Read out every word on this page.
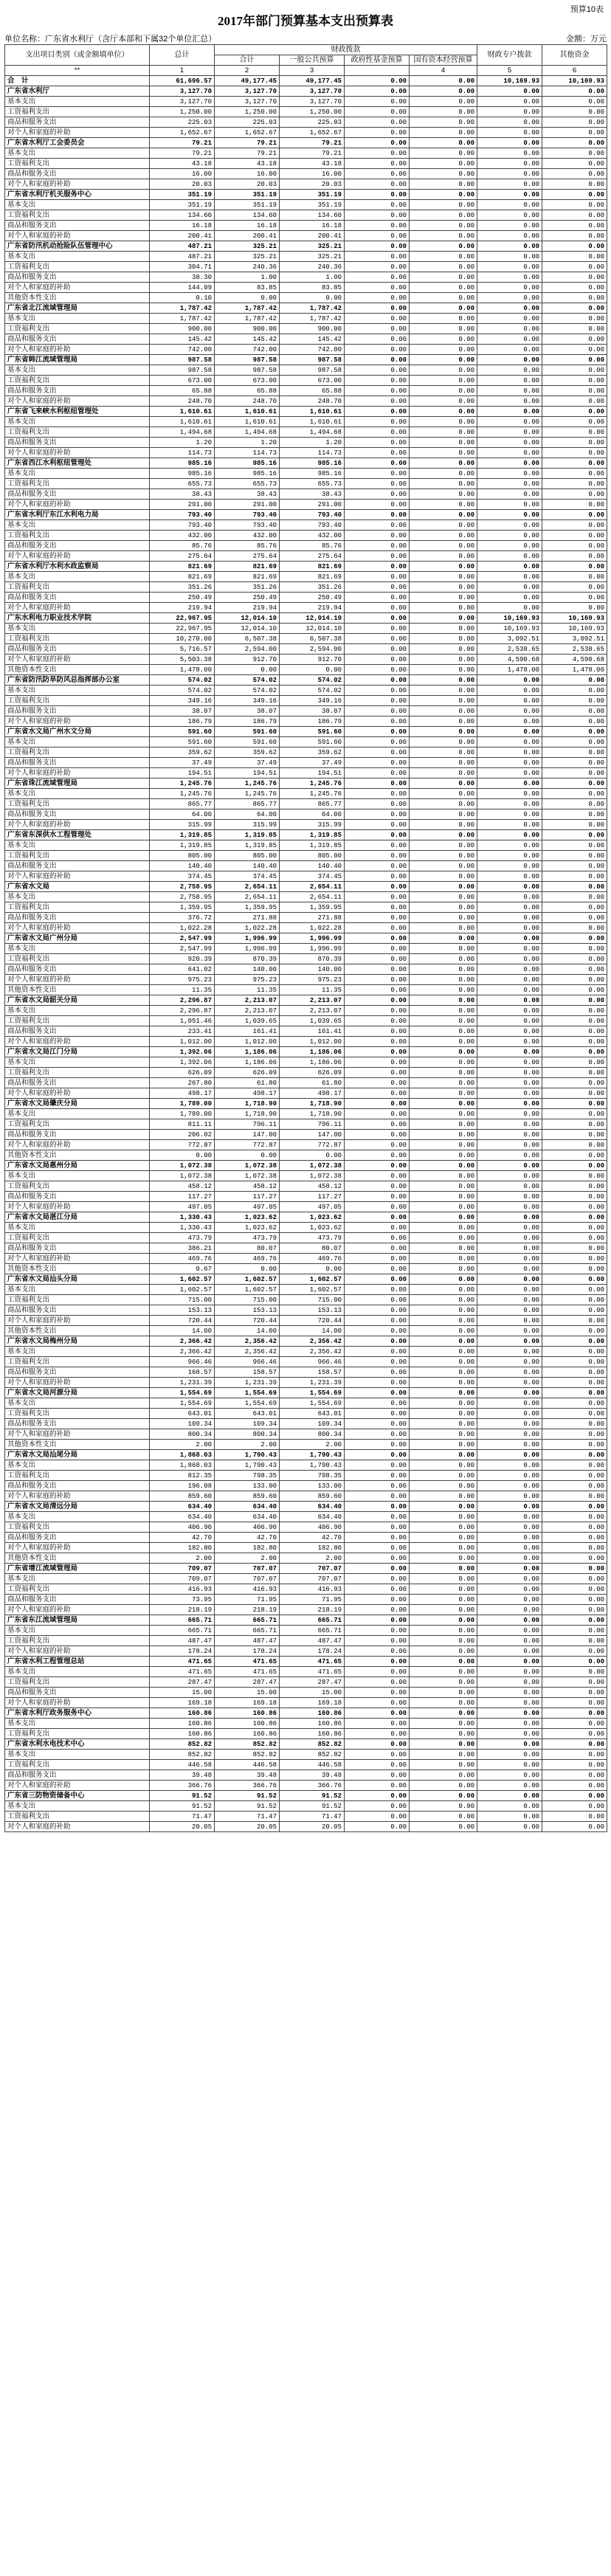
预算10表
2017年部门预算基本支出预算表
单位名称：广东省水利厅（含厅本部和下属32个单位汇总）	金额：万元
支出项目类别（或金额填单位）	总计	财政拨款				财政专户拨款	其他资金
		合计	一般公共预算	政府性基金预算	国有资本经营预算		
**	1	2	3		4	5	6
合　计	61,696.57	49,177.45	49,177.45	0.00	0.00	10,169.93	10,169.93
广东省水利厅	3,127.70	3,127.70	3,127.70	0.00	0.00	0.00	0.00
基本支出	3,127.70	3,127.70	3,127.70	0.00	0.00	0.00	0.00
工资福利支出	1,250.00	1,250.00	1,250.00	0.00	0.00	0.00	0.00
商品和服务支出	225.03	225.03	225.03	0.00	0.00	0.00	0.00
对个人和家庭的补助	1,652.67	1,652.67	1,652.67	0.00	0.00	0.00	0.00
广东省水利厅工会委员会	79.21	79.21	79.21	0.00	0.00	0.00	0.00
基本支出	79.21	79.21	79.21	0.00	0.00	0.00	0.00
工资福利支出	43.18	43.18	43.18	0.00	0.00	0.00	0.00
商品和服务支出	16.00	16.00	16.00	0.00	0.00	0.00	0.00
对个人和家庭的补助	20.03	20.03	20.03	0.00	0.00	0.00	0.00
广东省水利厅机关服务中心	351.19	351.19	351.19	0.00	0.00	0.00	0.00
基本支出	351.19	351.19	351.19	0.00	0.00	0.00	0.00
工资福利支出	134.60	134.60	134.60	0.00	0.00	0.00	0.00
商品和服务支出	16.18	16.18	16.18	0.00	0.00	0.00	0.00
对个人和家庭的补助	200.41	200.41	200.41	0.00	0.00	0.00	0.00
广东省防汛机动抢险队伍管理中心	487.21	325.21	325.21	0.00	0.00	0.00	0.00
基本支出	487.21	325.21	325.21	0.00	0.00	0.00	0.00
工资福利支出	304.71	240.36	240.36	0.00	0.00	0.00	0.00
商品和服务支出	38.30	1.00	1.00	0.00	0.00	0.00	0.00
对个人和家庭的补助	144.09	83.85	83.85	0.00	0.00	0.00	0.00
其他资本性支出	0.10	0.00	0.00	0.00	0.00	0.00	0.00
广东省北江流域管理局	1,787.42	1,787.42	1,787.42	0.00	0.00	0.00	0.00
基本支出	1,787.42	1,787.42	1,787.42	0.00	0.00	0.00	0.00
工资福利支出	900.00	900.00	900.00	0.00	0.00	0.00	0.00
商品和服务支出	145.42	145.42	145.42	0.00	0.00	0.00	0.00
对个人和家庭的补助	742.00	742.00	742.00	0.00	0.00	0.00	0.00
广东省韩江流域管理局	987.58	987.58	987.58	0.00	0.00	0.00	0.00
基本支出	987.58	987.58	987.58	0.00	0.00	0.00	0.00
工资福利支出	673.00	673.00	673.00	0.00	0.00	0.00	0.00
商品和服务支出	65.88	65.88	65.88	0.00	0.00	0.00	0.00
对个人和家庭的补助	248.70	248.70	248.70	0.00	0.00	0.00	0.00
广东省飞来峡水利枢纽管理处	1,610.61	1,610.61	1,610.61	0.00	0.00	0.00	0.00
基本支出	1,610.61	1,610.61	1,610.61	0.00	0.00	0.00	0.00
工资福利支出	1,494.68	1,494.68	1,494.68	0.00	0.00	0.00	0.00
商品和服务支出	1.20	1.20	1.20	0.00	0.00	0.00	0.00
对个人和家庭的补助	114.73	114.73	114.73	0.00	0.00	0.00	0.00
广东省西江水利枢纽管理处	985.16	985.16	985.16	0.00	0.00	0.00	0.00
基本支出	985.16	985.16	985.16	0.00	0.00	0.00	0.00
工资福利支出	655.73	655.73	655.73	0.00	0.00	0.00	0.00
商品和服务支出	38.43	38.43	38.43	0.00	0.00	0.00	0.00
对个人和家庭的补助	291.00	291.00	291.00	0.00	0.00	0.00	0.00
广东省水利厅东江水利电力局	793.40	793.40	793.40	0.00	0.00	0.00	0.00
基本支出	793.40	793.40	793.40	0.00	0.00	0.00	0.00
工资福利支出	432.00	432.00	432.00	0.00	0.00	0.00	0.00
商品和服务支出	85.76	85.76	85.76	0.00	0.00	0.00	0.00
对个人和家庭的补助	275.64	275.64	275.64	0.00	0.00	0.00	0.00
广东省水利厅水利水政监察局	821.69	821.69	821.69	0.00	0.00	0.00	0.00
基本支出	821.69	821.69	821.69	0.00	0.00	0.00	0.00
工资福利支出	351.26	351.26	351.26	0.00	0.00	0.00	0.00
商品和服务支出	250.49	250.49	250.49	0.00	0.00	0.00	0.00
对个人和家庭的补助	219.94	219.94	219.94	0.00	0.00	0.00	0.00
广东水利电力职业技术学院	22,967.95	12,014.10	12,014.10	0.00	0.00	10,169.93	10,169.93
基本支出	22,967.95	12,014.10	12,014.10	0.00	0.00	10,169.93	10,169.93
工资福利支出	10,270.00	6,507.38	6,507.38	0.00	0.00	3,092.51	3,092.51
商品和服务支出	5,716.57	2,594.00	2,594.00	0.00	0.00	2,538.65	2,538.65
对个人和家庭的补助	5,503.38	912.70	912.70	0.00	0.00	4,590.68	4,590.68
其他资本性支出	1,478.00	0.00	0.00	0.00	0.00	1,478.00	1,478.00
广东省防汛防旱防风总指挥部办公室	574.02	574.02	574.02	0.00	0.00	0.00	0.00
基本支出	574.02	574.02	574.02	0.00	0.00	0.00	0.00
工资福利支出	349.16	349.16	349.16	0.00	0.00	0.00	0.00
商品和服务支出	38.07	38.07	38.07	0.00	0.00	0.00	0.00
对个人和家庭的补助	186.79	186.79	186.79	0.00	0.00	0.00	0.00
广东省水文局广州水文分局	591.60	591.60	591.60	0.00	0.00	0.00	0.00
基本支出	591.60	591.60	591.60	0.00	0.00	0.00	0.00
工资福利支出	359.62	359.62	359.62	0.00	0.00	0.00	0.00
商品和服务支出	37.49	37.49	37.49	0.00	0.00	0.00	0.00
对个人和家庭的补助	194.51	194.51	194.51	0.00	0.00	0.00	0.00
广东省珠江流域管理局	1,245.76	1,245.76	1,245.76	0.00	0.00	0.00	0.00
基本支出	1,245.76	1,245.76	1,245.76	0.00	0.00	0.00	0.00
工资福利支出	865.77	865.77	865.77	0.00	0.00	0.00	0.00
商品和服务支出	64.00	64.00	64.00	0.00	0.00	0.00	0.00
对个人和家庭的补助	315.99	315.99	315.99	0.00	0.00	0.00	0.00
广东省东深供水工程管理处	1,319.85	1,319.85	1,319.85	0.00	0.00	0.00	0.00
基本支出	1,319.85	1,319.85	1,319.85	0.00	0.00	0.00	0.00
工资福利支出	805.00	805.00	805.00	0.00	0.00	0.00	0.00
商品和服务支出	140.40	140.40	140.40	0.00	0.00	0.00	0.00
对个人和家庭的补助	374.45	374.45	374.45	0.00	0.00	0.00	0.00
广东省水文局	2,758.95	2,654.11	2,654.11	0.00	0.00	0.00	0.00
基本支出	2,758.95	2,654.11	2,654.11	0.00	0.00	0.00	0.00
工资福利支出	1,359.95	1,359.95	1,359.95	0.00	0.00	0.00	0.00
商品和服务支出	376.72	271.88	271.88	0.00	0.00	0.00	0.00
对个人和家庭的补助	1,022.28	1,022.28	1,022.28	0.00	0.00	0.00	0.00
广东省水文局广州分局	2,547.99	1,996.99	1,996.99	0.00	0.00	0.00	0.00
基本支出	2,547.99	1,996.99	1,996.99	0.00	0.00	0.00	0.00
工资福利支出	920.39	870.39	870.39	0.00	0.00	0.00	0.00
商品和服务支出	641.02	140.00	140.00	0.00	0.00	0.00	0.00
对个人和家庭的补助	975.23	975.23	975.23	0.00	0.00	0.00	0.00
其他资本性支出	11.35	11.35	11.35	0.00	0.00	0.00	0.00
广东省水文局韶关分局	2,296.87	2,213.07	2,213.07	0.00	0.00	0.00	0.00
基本支出	2,296.87	2,213.07	2,213.07	0.00	0.00	0.00	0.00
工资福利支出	1,051.46	1,039.65	1,039.65	0.00	0.00	0.00	0.00
商品和服务支出	233.41	161.41	161.41	0.00	0.00	0.00	0.00
对个人和家庭的补助	1,012.00	1,012.00	1,012.00	0.00	0.00	0.00	0.00
广东省水文局江门分局	1,392.06	1,186.06	1,186.06	0.00	0.00	0.00	0.00
基本支出	1,392.06	1,186.06	1,186.06	0.00	0.00	0.00	0.00
工资福利支出	626.09	626.09	626.09	0.00	0.00	0.00	0.00
商品和服务支出	267.80	61.80	61.80	0.00	0.00	0.00	0.00
对个人和家庭的补助	498.17	498.17	498.17	0.00	0.00	0.00	0.00
广东省水文局肇庆分局	1,789.00	1,718.90	1,718.90	0.00	0.00	0.00	0.00
基本支出	1,789.00	1,718.90	1,718.90	0.00	0.00	0.00	0.00
工资福利支出	811.11	796.11	796.11	0.00	0.00	0.00	0.00
商品和服务支出	206.02	147.00	147.00	0.00	0.00	0.00	0.00
对个人和家庭的补助	772.87	772.87	772.87	0.00	0.00	0.00	0.00
其他资本性支出	0.00	0.00	0.00	0.00	0.00	0.00	0.00
广东省水文局惠州分局	1,072.38	1,072.38	1,072.38	0.00	0.00	0.00	0.00
基本支出	1,072.38	1,072.38	1,072.38	0.00	0.00	0.00	0.00
工资福利支出	458.12	458.12	458.12	0.00	0.00	0.00	0.00
商品和服务支出	117.27	117.27	117.27	0.00	0.00	0.00	0.00
对个人和家庭的补助	497.05	497.05	497.05	0.00	0.00	0.00	0.00
广东省水文局湛江分局	1,330.43	1,023.62	1,023.62	0.00	0.00	0.00	0.00
基本支出	1,330.43	1,023.62	1,023.62	0.00	0.00	0.00	0.00
工资福利支出	473.79	473.79	473.79	0.00	0.00	0.00	0.00
商品和服务支出	386.21	80.07	80.07	0.00	0.00	0.00	0.00
对个人和家庭的补助	469.76	469.76	469.76	0.00	0.00	0.00	0.00
其他资本性支出	0.67	0.00	0.00	0.00	0.00	0.00	0.00
广东省水文局汕头分局	1,602.57	1,602.57	1,602.57	0.00	0.00	0.00	0.00
基本支出	1,602.57	1,602.57	1,602.57	0.00	0.00	0.00	0.00
工资福利支出	715.00	715.00	715.00	0.00	0.00	0.00	0.00
商品和服务支出	153.13	153.13	153.13	0.00	0.00	0.00	0.00
对个人和家庭的补助	720.44	720.44	720.44	0.00	0.00	0.00	0.00
其他资本性支出	14.00	14.00	14.00	0.00	0.00	0.00	0.00
广东省水文局梅州分局	2,366.42	2,356.42	2,356.42	0.00	0.00	0.00	0.00
基本支出	2,366.42	2,356.42	2,356.42	0.00	0.00	0.00	0.00
工资福利支出	966.46	966.46	966.46	0.00	0.00	0.00	0.00
商品和服务支出	168.57	158.57	158.57	0.00	0.00	0.00	0.00
对个人和家庭的补助	1,231.39	1,231.39	1,231.39	0.00	0.00	0.00	0.00
广东省水文局河源分局	1,554.69	1,554.69	1,554.69	0.00	0.00	0.00	0.00
基本支出	1,554.69	1,554.69	1,554.69	0.00	0.00	0.00	0.00
工资福利支出	643.01	643.01	643.01	0.00	0.00	0.00	0.00
商品和服务支出	109.34	109.34	109.34	0.00	0.00	0.00	0.00
对个人和家庭的补助	800.34	800.34	800.34	0.00	0.00	0.00	0.00
其他资本性支出	2.00	2.00	2.00	0.00	0.00	0.00	0.00
广东省水文局汕尾分局	1,868.03	1,790.43	1,790.43	0.00	0.00	0.00	0.00
基本支出	1,868.03	1,790.43	1,790.43	0.00	0.00	0.00	0.00
工资福利支出	812.35	798.35	798.35	0.00	0.00	0.00	0.00
商品和服务支出	196.08	133.00	133.00	0.00	0.00	0.00	0.00
对个人和家庭的补助	859.60	859.60	859.60	0.00	0.00	0.00	0.00
广东省水文局清远分局	634.40	634.40	634.40	0.00	0.00	0.00	0.00
基本支出	634.40	634.40	634.40	0.00	0.00	0.00	0.00
工资福利支出	406.90	406.90	406.90	0.00	0.00	0.00	0.00
商品和服务支出	42.70	42.70	42.70	0.00	0.00	0.00	0.00
对个人和家庭的补助	182.80	182.80	182.80	0.00	0.00	0.00	0.00
其他资本性支出	2.00	2.00	2.00	0.00	0.00	0.00	0.00
广东省增江流域管理局	709.07	707.07	707.07	0.00	0.00	0.00	0.00
基本支出	709.07	707.07	707.07	0.00	0.00	0.00	0.00
工资福利支出	416.93	416.93	416.93	0.00	0.00	0.00	0.00
商品和服务支出	73.95	71.95	71.95	0.00	0.00	0.00	0.00
对个人和家庭的补助	218.19	218.19	218.19	0.00	0.00	0.00	0.00
广东省东江流域管理局	665.71	665.71	665.71	0.00	0.00	0.00	0.00
基本支出	665.71	665.71	665.71	0.00	0.00	0.00	0.00
工资福利支出	487.47	487.47	487.47	0.00	0.00	0.00	0.00
对个人和家庭的补助	178.24	178.24	178.24	0.00	0.00	0.00	0.00
广东省水利工程管理总站	471.65	471.65	471.65	0.00	0.00	0.00	0.00
基本支出	471.65	471.65	471.65	0.00	0.00	0.00	0.00
工资福利支出	287.47	287.47	287.47	0.00	0.00	0.00	0.00
商品和服务支出	15.00	15.00	15.00	0.00	0.00	0.00	0.00
对个人和家庭的补助	169.18	169.18	169.18	0.00	0.00	0.00	0.00
广东省水利厅政务服务中心	160.86	160.86	160.86	0.00	0.00	0.00	0.00
基本支出	160.86	160.86	160.86	0.00	0.00	0.00	0.00
工资福利支出	160.86	160.86	160.86	0.00	0.00	0.00	0.00
广东省水利水电技术中心	852.82	852.82	852.82	0.00	0.00	0.00	0.00
基本支出	852.82	852.82	852.82	0.00	0.00	0.00	0.00
工资福利支出	446.58	446.58	446.58	0.00	0.00	0.00	0.00
商品和服务支出	39.48	39.48	39.48	0.00	0.00	0.00	0.00
对个人和家庭的补助	366.76	366.76	366.76	0.00	0.00	0.00	0.00
广东省三防物资储备中心	91.52	91.52	91.52	0.00	0.00	0.00	0.00
基本支出	91.52	91.52	91.52	0.00	0.00	0.00	0.00
工资福利支出	71.47	71.47	71.47	0.00	0.00	0.00	0.00
对个人和家庭的补助	20.05	20.05	20.05	0.00	0.00	0.00	0.00
